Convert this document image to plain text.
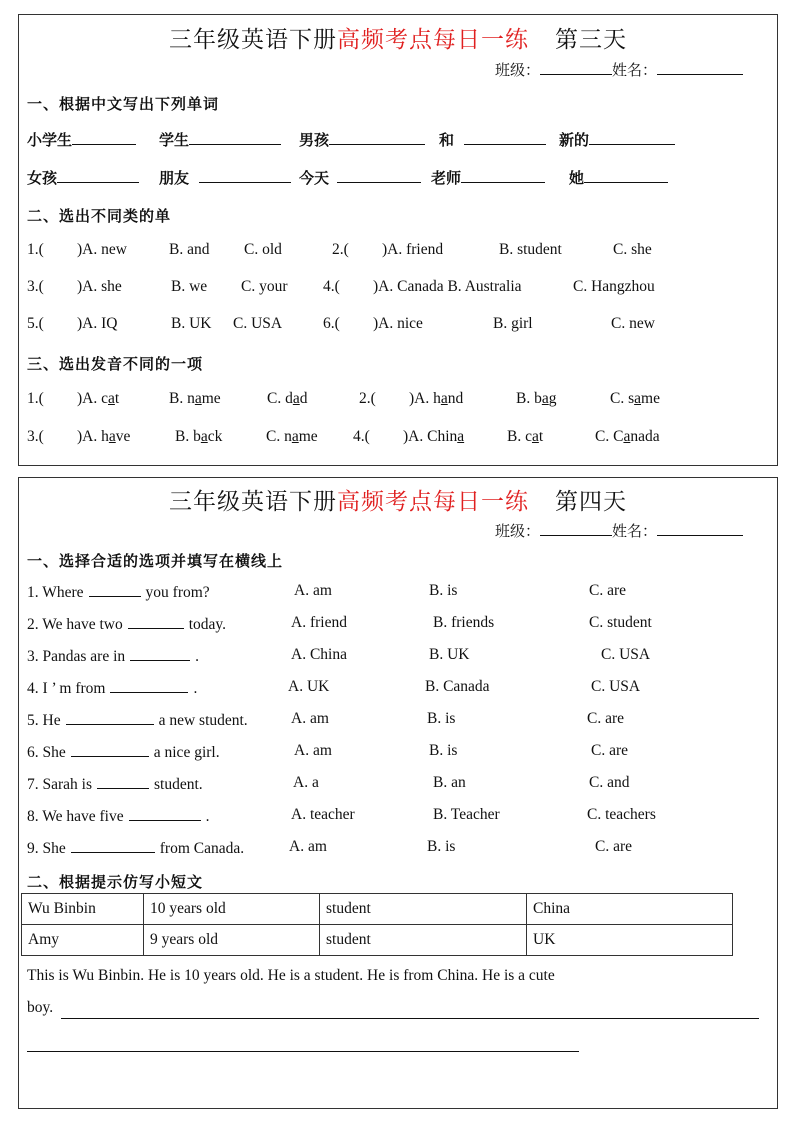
三年级英语下册高频考点每日一练 第三天
班级：	姓名：
一、根据中文写出下列单词
小学生	学生	男孩	和	新的
女孩	朋友	今天	老师	她
二、选出不同类的单
1.( )A. new	B. and C. old	2.( )A. friend	B. student	C. she
3.( )A. she	B. we C. your 4.( )A. Canada B. Australia	C. Hangzhou
5.( )A. IQ	B. UK C. USA	6.( )A. nice	B. girl	C. new
三、选出发音不同的一项
1.( )A. cat	B. name	C. dad	2.( )A. hand	B. bag	C. same
3.( )A. have	B. back	C. name 4.( )A. China	B. cat	C. Canada
三年级英语下册高频考点每日一练 第四天
班级：	姓名：
一、选择合适的选项并填写在横线上
1. Where	you from?	A. am	B. is	C. are
2. We have two	today.	A. friend	B. friends	C. student
3. Pandas are in	.	A. China	B. UK	C. USA
4. I ’ m from	.	A. UK	B. Canada	C. USA
5. He	a new student.	A. am	B. is	C. are
6. She	a nice girl.	A. am	B. is	C. are
7. Sarah is	student.	A. a	B. an	C. and
8. We have five	.	A. teacher	B. Teacher	C. teachers
9. She	from Canada.	A. am	B. is	C. are
二、根据提示仿写小短文
Wu Binbin	10 years old	student	China
Amy	9 years old	student	UK
This is Wu Binbin. He is 10 years old. He is a student. He is from China. He is a cute
boy.
